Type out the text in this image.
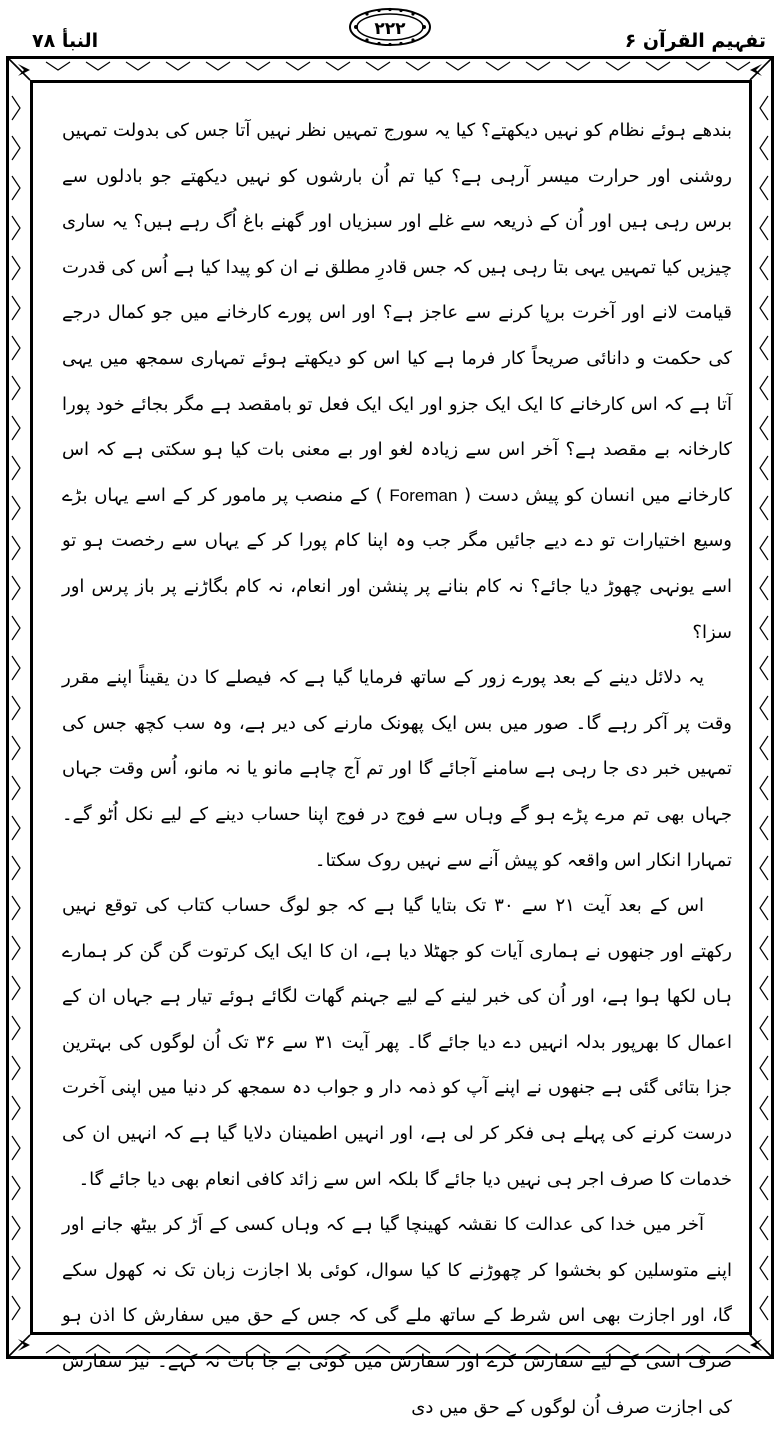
النبأ ۷۸
۲۲۲
تفہیم القرآن ۶

بندھے ہوئے نظام کو نہیں دیکھتے؟ کیا یہ سورج تمہیں نظر نہیں آتا جس کی بدولت تمہیں روشنی اور حرارت میسر آرہی ہے؟ کیا تم اُن بارشوں کو نہیں دیکھتے جو بادلوں سے برس رہی ہیں اور اُن کے ذریعہ سے غلے اور سبزیاں اور گھنے باغ اُگ رہے ہیں؟ یہ ساری چیزیں کیا تمہیں یہی بتا رہی ہیں کہ جس قادرِ مطلق نے ان کو پیدا کیا ہے اُس کی قدرت قیامت لانے اور آخرت برپا کرنے سے عاجز ہے؟ اور اس پورے کارخانے میں جو کمال درجے کی حکمت و دانائی صریحاً کار فرما ہے کیا اس کو دیکھتے ہوئے تمہاری سمجھ میں یہی آتا ہے کہ اس کارخانے کا ایک ایک جزو اور ایک ایک فعل تو بامقصد ہے مگر بجائے خود پورا کارخانہ بے مقصد ہے؟ آخر اس سے زیادہ لغو اور بے معنی بات کیا ہو سکتی ہے کہ اس کارخانے میں انسان کو پیش دست ( Foreman ) کے منصب پر مامور کر کے اسے یہاں بڑے وسیع اختیارات تو دے دیے جائیں مگر جب وہ اپنا کام پورا کر کے یہاں سے رخصت ہو تو اسے یونہی چھوڑ دیا جائے؟ نہ کام بنانے پر پنشن اور انعام، نہ کام بگاڑنے پر باز پرس اور سزا؟

یہ دلائل دینے کے بعد پورے زور کے ساتھ فرمایا گیا ہے کہ فیصلے کا دن یقیناً اپنے مقرر وقت پر آکر رہے گا۔ صور میں بس ایک پھونک مارنے کی دیر ہے، وہ سب کچھ جس کی تمہیں خبر دی جا رہی ہے سامنے آجائے گا اور تم آج چاہے مانو یا نہ مانو، اُس وقت جہاں جہاں بھی تم مرے پڑے ہو گے وہاں سے فوج در فوج اپنا حساب دینے کے لیے نکل اُٹو گے۔ تمہارا انکار اس واقعہ کو پیش آنے سے نہیں روک سکتا۔

اس کے بعد آیت ۲۱ سے ۳۰ تک بتایا گیا ہے کہ جو لوگ حساب کتاب کی توقع نہیں رکھتے اور جنھوں نے ہماری آیات کو جھٹلا دیا ہے، ان کا ایک ایک کرتوت گن گن کر ہمارے ہاں لکھا ہوا ہے، اور اُن کی خبر لینے کے لیے جہنم گھات لگائے ہوئے تیار ہے جہاں ان کے اعمال کا بھرپور بدلہ انہیں دے دیا جائے گا۔ پھر آیت ۳۱ سے ۳۶ تک اُن لوگوں کی بہترین جزا بتائی گئی ہے جنھوں نے اپنے آپ کو ذمہ دار و جواب دہ سمجھ کر دنیا میں اپنی آخرت درست کرنے کی پہلے ہی فکر کر لی ہے، اور انہیں اطمینان دلایا گیا ہے کہ انہیں ان کی خدمات کا صرف اجر ہی نہیں دیا جائے گا بلکہ اس سے زائد کافی انعام بھی دیا جائے گا۔

آخر میں خدا کی عدالت کا نقشہ کھینچا گیا ہے کہ وہاں کسی کے اَڑ کر بیٹھ جانے اور اپنے متوسلین کو بخشوا کر چھوڑنے کا کیا سوال، کوئی بلا اجازت زبان تک نہ کھول سکے گا، اور اجازت بھی اس شرط کے ساتھ ملے گی کہ جس کے حق میں سفارش کا اذن ہو صرف اسی کے لیے سفارش کرے اور سفارش میں کوئی بے جا بات نہ کہے۔ نیز سفارش کی اجازت صرف اُن لوگوں کے حق میں دی
